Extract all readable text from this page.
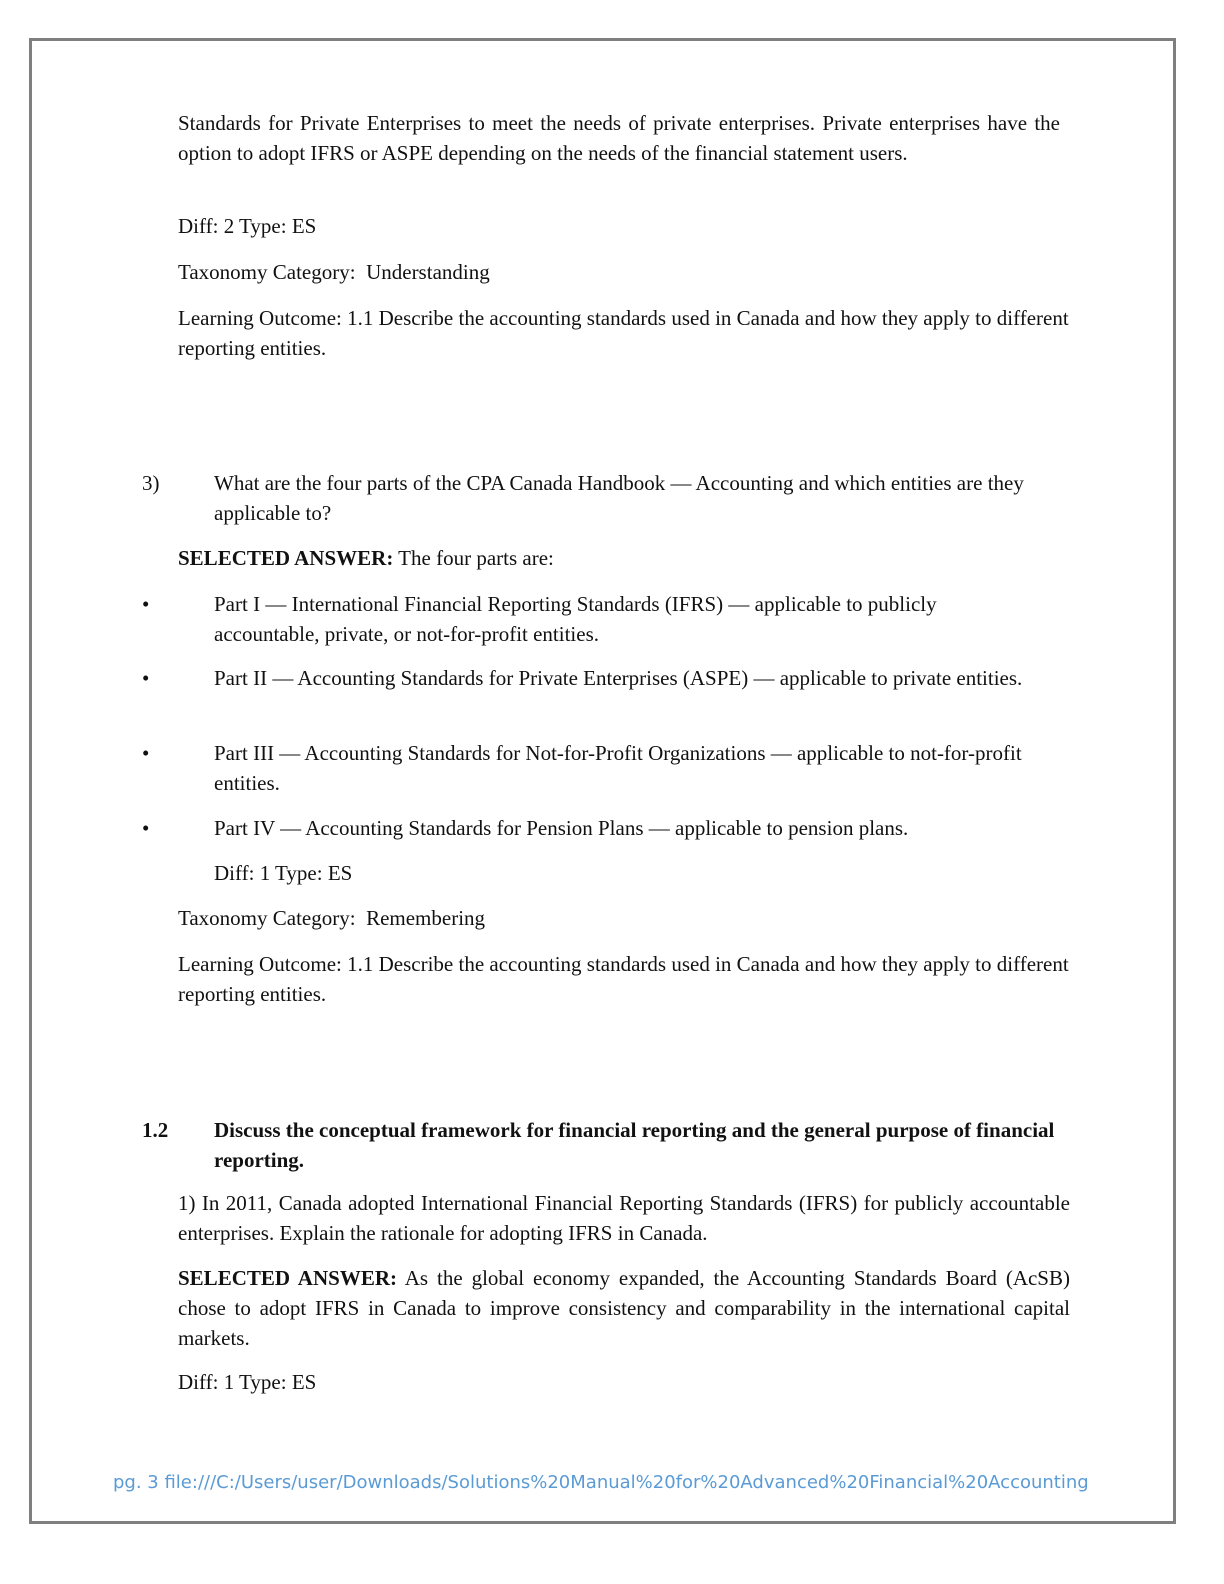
Standards for Private Enterprises to meet the needs of private enterprises. Private enterprises have the option to adopt IFRS or ASPE depending on the needs of the financial statement users.

Diff: 2 Type: ES

Taxonomy Category:  Understanding

Learning Outcome: 1.1 Describe the accounting standards used in Canada and how they apply to different reporting entities.

3)	What are the four parts of the CPA Canada Handbook — Accounting and which entities are they applicable to?

SELECTED ANSWER: The four parts are:

•	Part I — International Financial Reporting Standards (IFRS) — applicable to publicly accountable, private, or not-for-profit entities.

•	Part II — Accounting Standards for Private Enterprises (ASPE) — applicable to private entities.

•	Part III — Accounting Standards for Not-for-Profit Organizations — applicable to not-for-profit entities.

•	Part IV — Accounting Standards for Pension Plans — applicable to pension plans.

Diff: 1 Type: ES

Taxonomy Category:  Remembering

Learning Outcome: 1.1 Describe the accounting standards used in Canada and how they apply to different reporting entities.

1.2 Discuss the conceptual framework for financial reporting and the general purpose of financial reporting.

1) In 2011, Canada adopted International Financial Reporting Standards (IFRS) for publicly accountable enterprises. Explain the rationale for adopting IFRS in Canada.

SELECTED ANSWER: As the global economy expanded, the Accounting Standards Board (AcSB) chose to adopt IFRS in Canada to improve consistency and comparability in the international capital markets.

Diff: 1 Type: ES

pg. 3 file:///C:/Users/user/Downloads/Solutions%20Manual%20for%20Advanced%20Financial%20Accounting
